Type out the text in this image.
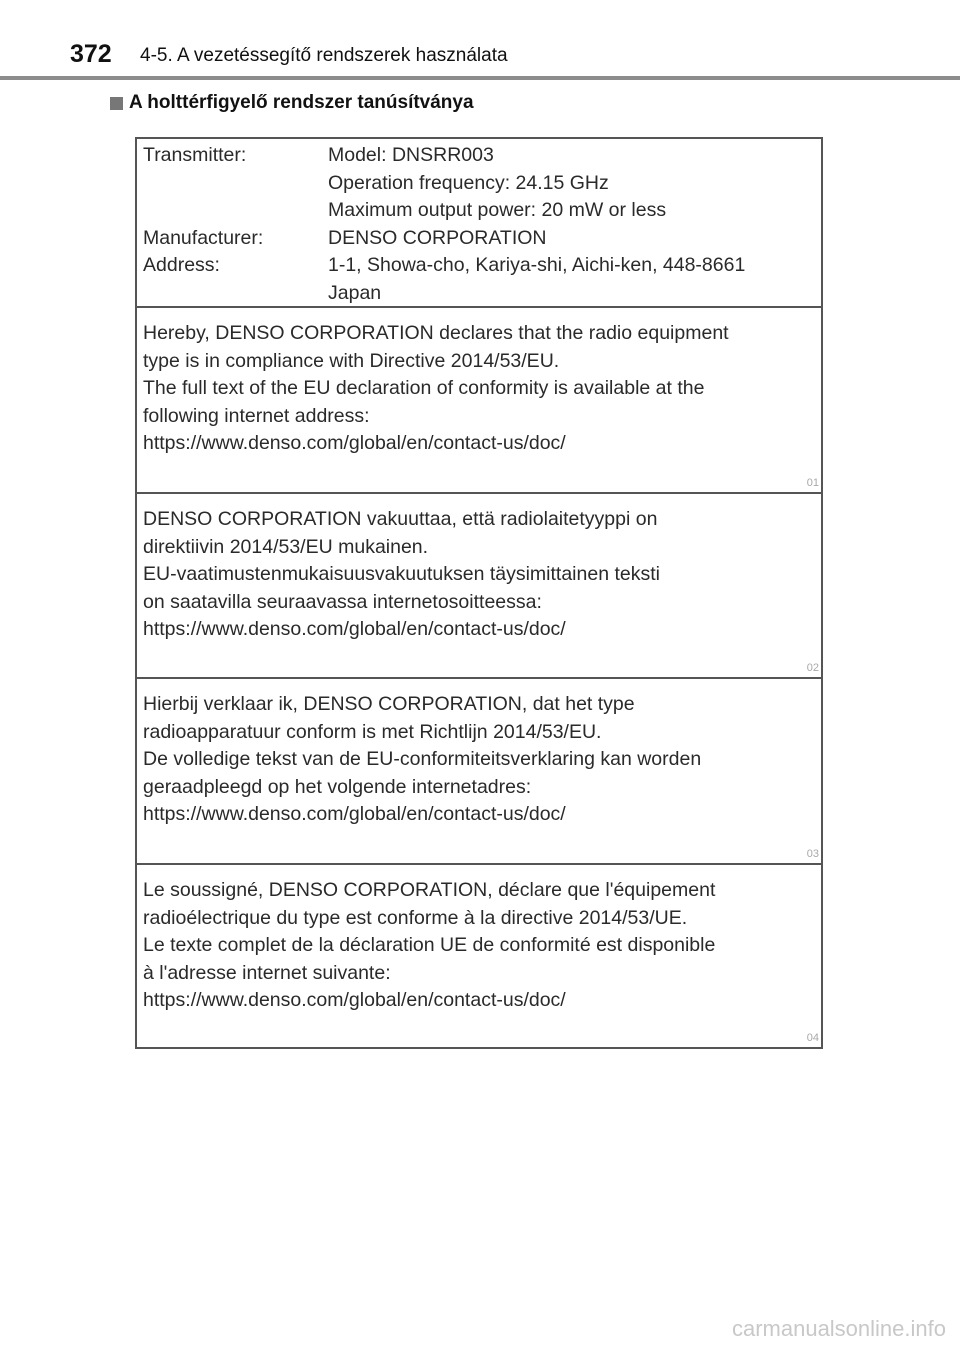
372 4-5. A vezetéssegítő rendszerek használata
A holttérfigyelő rendszer tanúsítványa
Transmitter:	Model: DNSRR003
Operation frequency: 24.15 GHz
Maximum output power: 20 mW or less
Manufacturer:	DENSO CORPORATION
Address:	1-1, Showa-cho, Kariya-shi, Aichi-ken, 448-8661
Japan
Hereby, DENSO CORPORATION declares that the radio equipment
type is in compliance with Directive 2014/53/EU.
The full text of the EU declaration of conformity is available at the
following internet address:
https://www.denso.com/global/en/contact-us/doc/
01
DENSO CORPORATION vakuuttaa, että radiolaitetyyppi on
direktiivin 2014/53/EU mukainen.
EU-vaatimustenmukaisuusvakuutuksen täysimittainen teksti
on saatavilla seuraavassa internetosoitteessa:
https://www.denso.com/global/en/contact-us/doc/
02
Hierbij verklaar ik, DENSO CORPORATION, dat het type
radioapparatuur conform is met Richtlijn 2014/53/EU.
De volledige tekst van de EU-conformiteitsverklaring kan worden
geraadpleegd op het volgende internetadres:
https://www.denso.com/global/en/contact-us/doc/
03
Le soussigné, DENSO CORPORATION, déclare que l'équipement
radioélectrique du type est conforme à la directive 2014/53/UE.
Le texte complet de la déclaration UE de conformité est disponible
à l'adresse internet suivante:
https://www.denso.com/global/en/contact-us/doc/
04
carmanualsonline.info
